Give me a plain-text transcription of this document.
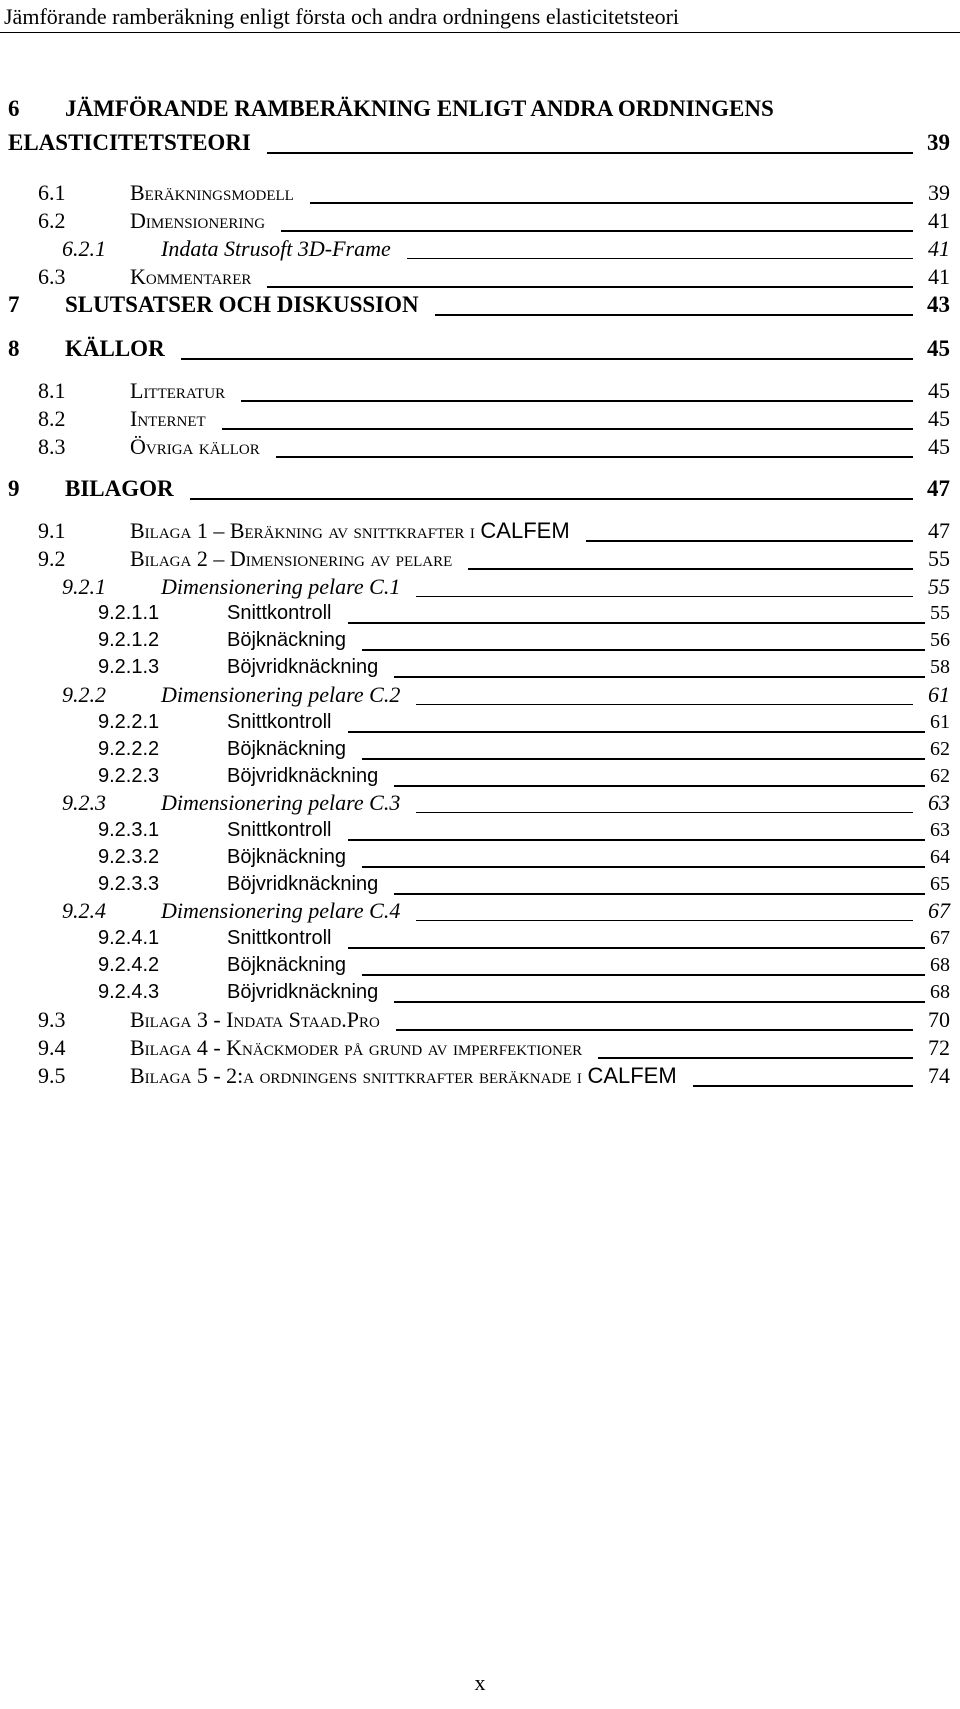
Jämförande ramberäkning enligt första och andra ordningens elasticitetsteori
6 JÄMFÖRANDE RAMBERÄKNING ENLIGT ANDRA ORDNINGENS
ELASTICITETSTEORI	39
6.1	Beräkningsmodell	39
6.2	Dimensionering	41
6.2.1	Indata Strusoft 3D-Frame	41
6.3	Kommentarer	41
7 SLUTSATSER OCH DISKUSSION	43
8 KÄLLOR	45
8.1	Litteratur	45
8.2	Internet	45
8.3	Övriga källor	45
9 BILAGOR	47
9.1	Bilaga 1 – Beräkning av snittkrafter i CALFEM	47
9.2	Bilaga 2 – Dimensionering av pelare	55
9.2.1	Dimensionering pelare C.1	55
9.2.1.1	Snittkontroll	55
9.2.1.2	Böjknäckning	56
9.2.1.3	Böjvridknäckning	58
9.2.2	Dimensionering pelare C.2	61
9.2.2.1	Snittkontroll	61
9.2.2.2	Böjknäckning	62
9.2.2.3	Böjvridknäckning	62
9.2.3	Dimensionering pelare C.3	63
9.2.3.1	Snittkontroll	63
9.2.3.2	Böjknäckning	64
9.2.3.3	Böjvridknäckning	65
9.2.4	Dimensionering pelare C.4	67
9.2.4.1	Snittkontroll	67
9.2.4.2	Böjknäckning	68
9.2.4.3	Böjvridknäckning	68
9.3	Bilaga 3 - Indata Staad.Pro	70
9.4	Bilaga 4 - Knäckmoder på grund av imperfektioner	72
9.5	Bilaga 5 - 2:a ordningens snittkrafter beräknade i CALFEM	74
x
